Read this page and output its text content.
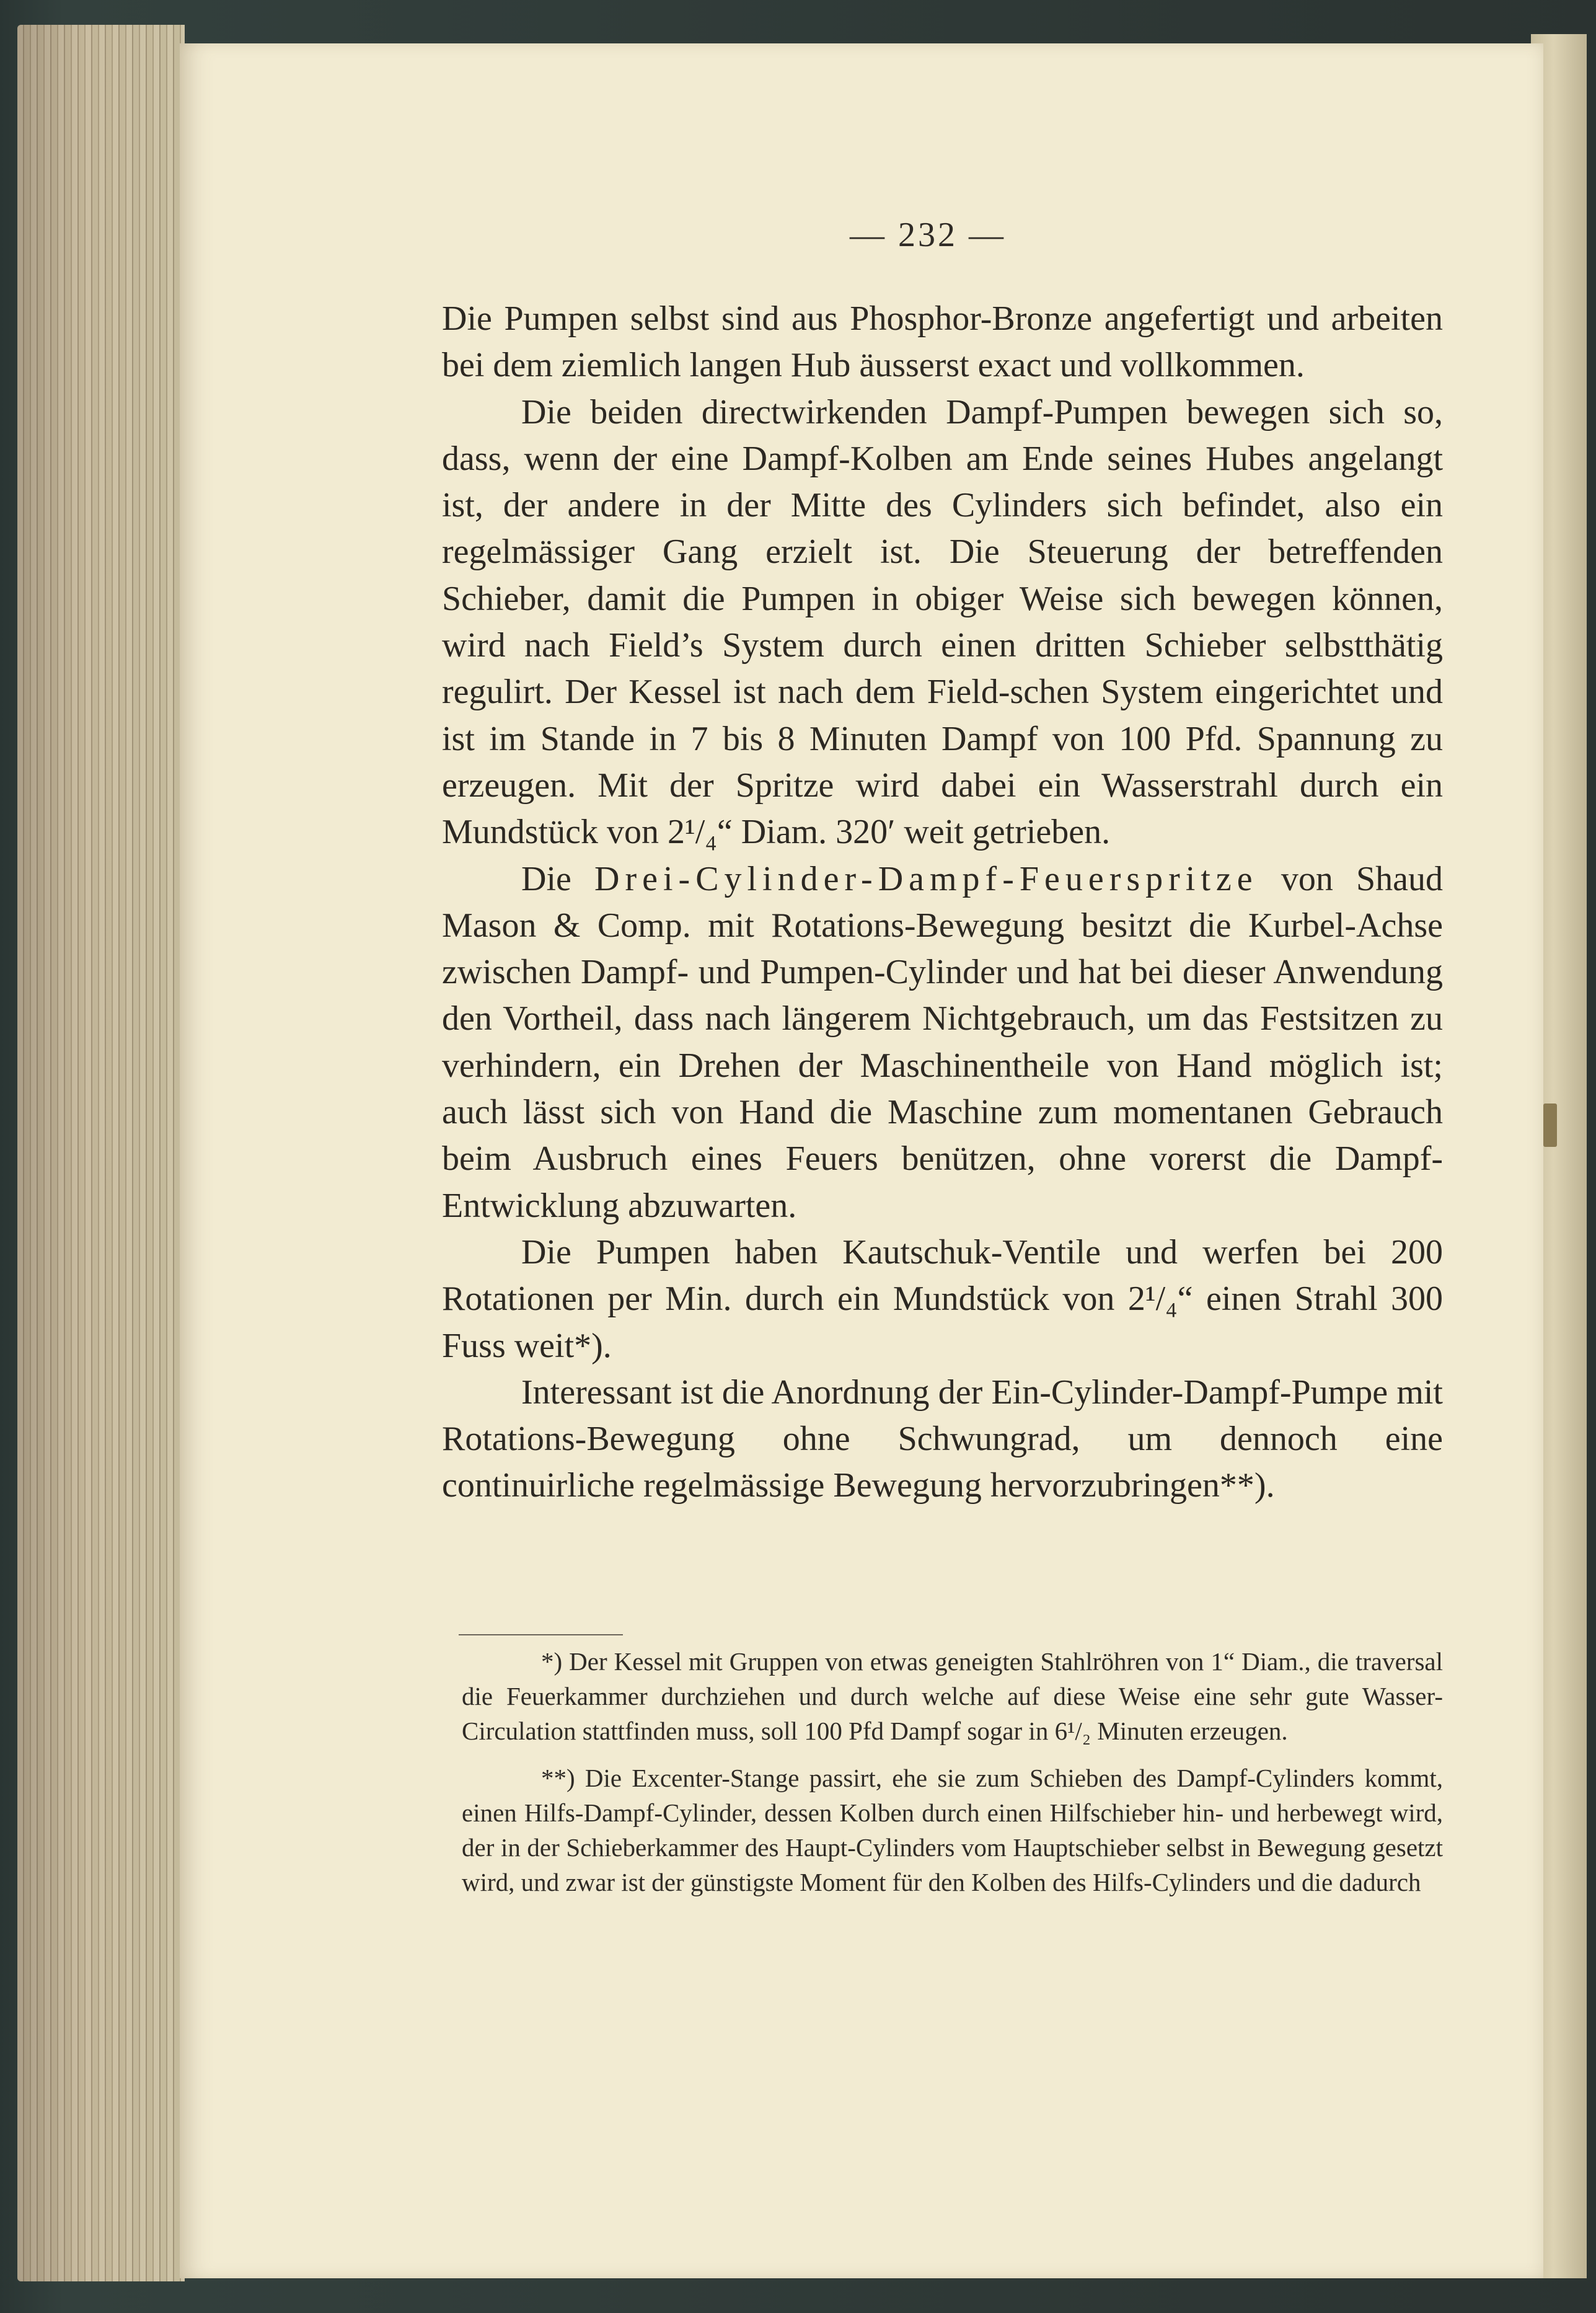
— 232 —

Die Pumpen selbst sind aus Phosphor-Bronze angefertigt und arbeiten bei dem ziemlich langen Hub äusserst exact und vollkommen.

Die beiden directwirkenden Dampf-Pumpen bewegen sich so, dass, wenn der eine Dampf-Kolben am Ende seines Hubes angelangt ist, der andere in der Mitte des Cylinders sich befindet, also ein regelmässiger Gang erzielt ist. Die Steuerung der betreffenden Schieber, damit die Pumpen in obiger Weise sich bewegen können, wird nach Field’s System durch einen dritten Schieber selbstthätig regulirt. Der Kessel ist nach dem Field-schen System eingerichtet und ist im Stande in 7 bis 8 Minuten Dampf von 100 Pfd. Spannung zu erzeugen. Mit der Spritze wird dabei ein Wasserstrahl durch ein Mundstück von 2¹/₄“ Diam. 320′ weit getrieben.

Die Drei-Cylinder-Dampf-Feuerspritze von Shaud Mason & Comp. mit Rotations-Bewegung besitzt die Kurbel-Achse zwischen Dampf- und Pumpen-Cylinder und hat bei dieser Anwendung den Vortheil, dass nach längerem Nichtgebrauch, um das Festsitzen zu verhindern, ein Drehen der Maschinentheile von Hand möglich ist; auch lässt sich von Hand die Maschine zum momentanen Gebrauch beim Ausbruch eines Feuers benützen, ohne vorerst die Dampf-Entwicklung abzuwarten.

Die Pumpen haben Kautschuk-Ventile und werfen bei 200 Rotationen per Min. durch ein Mundstück von 2¹/₄“ einen Strahl 300 Fuss weit*).

Interessant ist die Anordnung der Ein-Cylinder-Dampf-Pumpe mit Rotations-Bewegung ohne Schwungrad, um dennoch eine continuirliche regelmässige Bewegung hervorzubringen**).

*) Der Kessel mit Gruppen von etwas geneigten Stahlröhren von 1“ Diam., die traversal die Feuerkammer durchziehen und durch welche auf diese Weise eine sehr gute Wasser-Circulation stattfinden muss, soll 100 Pfd Dampf sogar in 6¹/₂ Minuten erzeugen.

**) Die Excenter-Stange passirt, ehe sie zum Schieben des Dampf-Cylinders kommt, einen Hilfs-Dampf-Cylinder, dessen Kolben durch einen Hilfschieber hin- und herbewegt wird, der in der Schieberkammer des Haupt-Cylinders vom Hauptschieber selbst in Bewegung gesetzt wird, und zwar ist der günstigste Moment für den Kolben des Hilfs-Cylinders und die dadurch
